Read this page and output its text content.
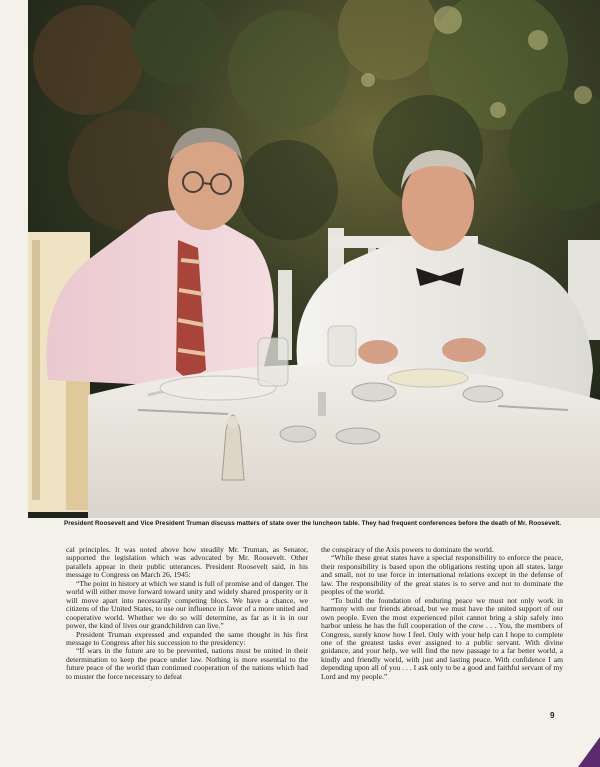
President Roosevelt and Vice President Truman discuss matters of state over the luncheon table. They had frequent conferences before the death of Mr. Roosevelt.

cal principles. It was noted above how steadily Mr. Truman, as Senator, supported the legislation which was advocated by Mr. Roosevelt. Other parallels appear in their public utterances. President Roosevelt said, in his message to Congress on March 26, 1945:

“The point in history at which we stand is full of promise and of danger. The world will either move forward toward unity and widely shared prosperity or it will move apart into necessarily competing blocs. We have a chance, we citizens of the United States, to use our influence in favor of a more united and cooperative world. Whether we do so will determine, as far as it is in our power, the kind of lives our grandchildren can live.”

President Truman expressed and expanded the same thought in his first message to Congress after his succession to the presidency:

“If wars in the future are to be prevented, nations must be united in their determination to keep the peace under law. Nothing is more essential to the future peace of the world than continued cooperation of the nations which had to muster the force necessary to defeat

the conspiracy of the Axis powers to dominate the world.

“While these great states have a special responsibility to enforce the peace, their responsibility is based upon the obligations resting upon all states, large and small, not to use force in international relations except in the defense of law. The responsibility of the great states is to serve and not to dominate the peoples of the world.

“To build the foundation of enduring peace we must not only work in harmony with our friends abroad, but we must have the united support of our own people. Even the most experienced pilot cannot bring a ship safely into harbor unless he has the full cooperation of the crew . . . You, the members of Congress, surely know how I feel. Only with your help can I hope to complete one of the greatest tasks ever assigned to a public servant. With divine guidance, and your help, we will find the new passage to a far better world, a kindly and friendly world, with just and lasting peace. With confidence I am depending upon all of you . . . I ask only to be a good and faithful servant of my Lord and my people.”

9
